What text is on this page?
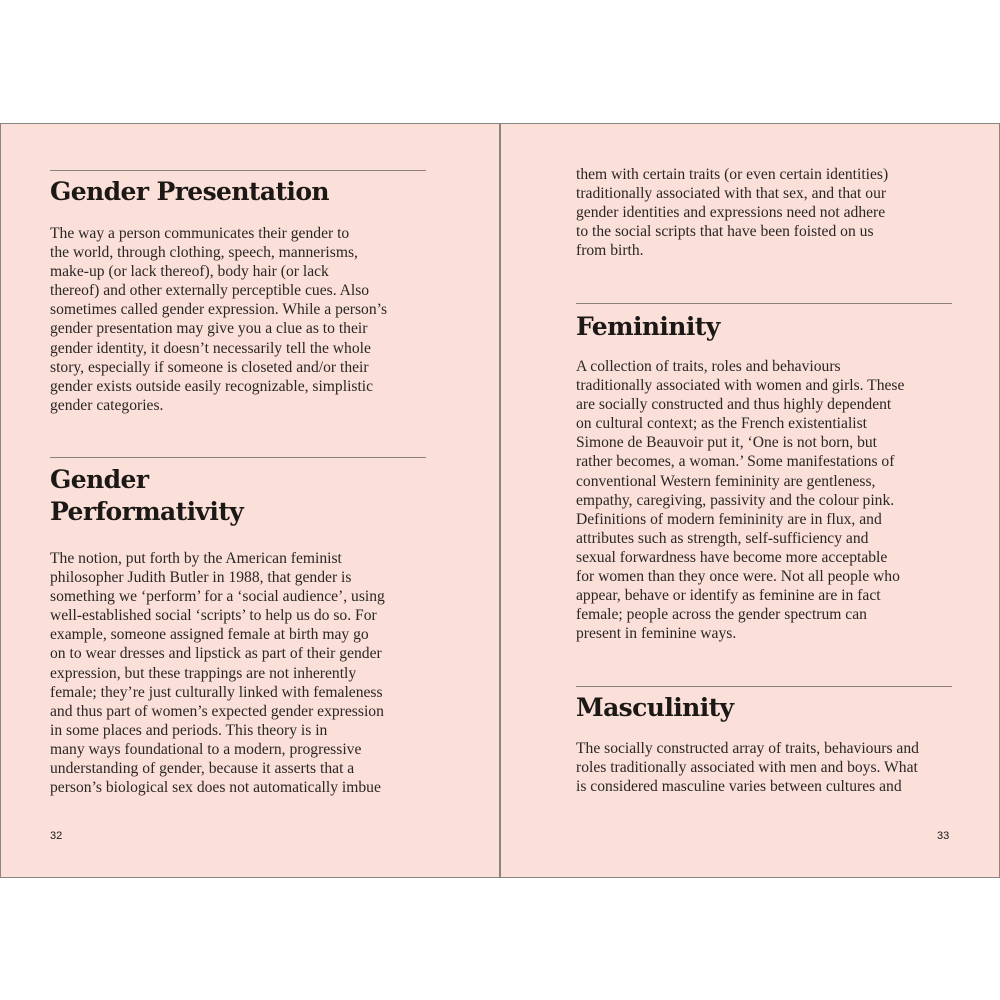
Gender Presentation
The way a person communicates their gender to
the world, through clothing, speech, mannerisms,
make-up (or lack thereof), body hair (or lack
thereof) and other externally perceptible cues. Also
sometimes called gender expression. While a person’s
gender presentation may give you a clue as to their
gender identity, it doesn’t necessarily tell the whole
story, especially if someone is closeted and/or their
gender exists outside easily recognizable, simplistic
gender categories.
Gender
Performativity
The notion, put forth by the American feminist
philosopher Judith Butler in 1988, that gender is
something we ‘perform’ for a ‘social audience’, using
well-established social ‘scripts’ to help us do so. For
example, someone assigned female at birth may go
on to wear dresses and lipstick as part of their gender
expression, but these trappings are not inherently
female; they’re just culturally linked with femaleness
and thus part of women’s expected gender expression
in some places and periods. This theory is in
many ways foundational to a modern, progressive
understanding of gender, because it asserts that a
person’s biological sex does not automatically imbue
32
them with certain traits (or even certain identities)
traditionally associated with that sex, and that our
gender identities and expressions need not adhere
to the social scripts that have been foisted on us
from birth.
Femininity
A collection of traits, roles and behaviours
traditionally associated with women and girls. These
are socially constructed and thus highly dependent
on cultural context; as the French existentialist
Simone de Beauvoir put it, ‘One is not born, but
rather becomes, a woman.’ Some manifestations of
conventional Western femininity are gentleness,
empathy, caregiving, passivity and the colour pink.
Definitions of modern femininity are in flux, and
attributes such as strength, self-sufficiency and
sexual forwardness have become more acceptable
for women than they once were. Not all people who
appear, behave or identify as feminine are in fact
female; people across the gender spectrum can
present in feminine ways.
Masculinity
The socially constructed array of traits, behaviours and
roles traditionally associated with men and boys. What
is considered masculine varies between cultures and
33
